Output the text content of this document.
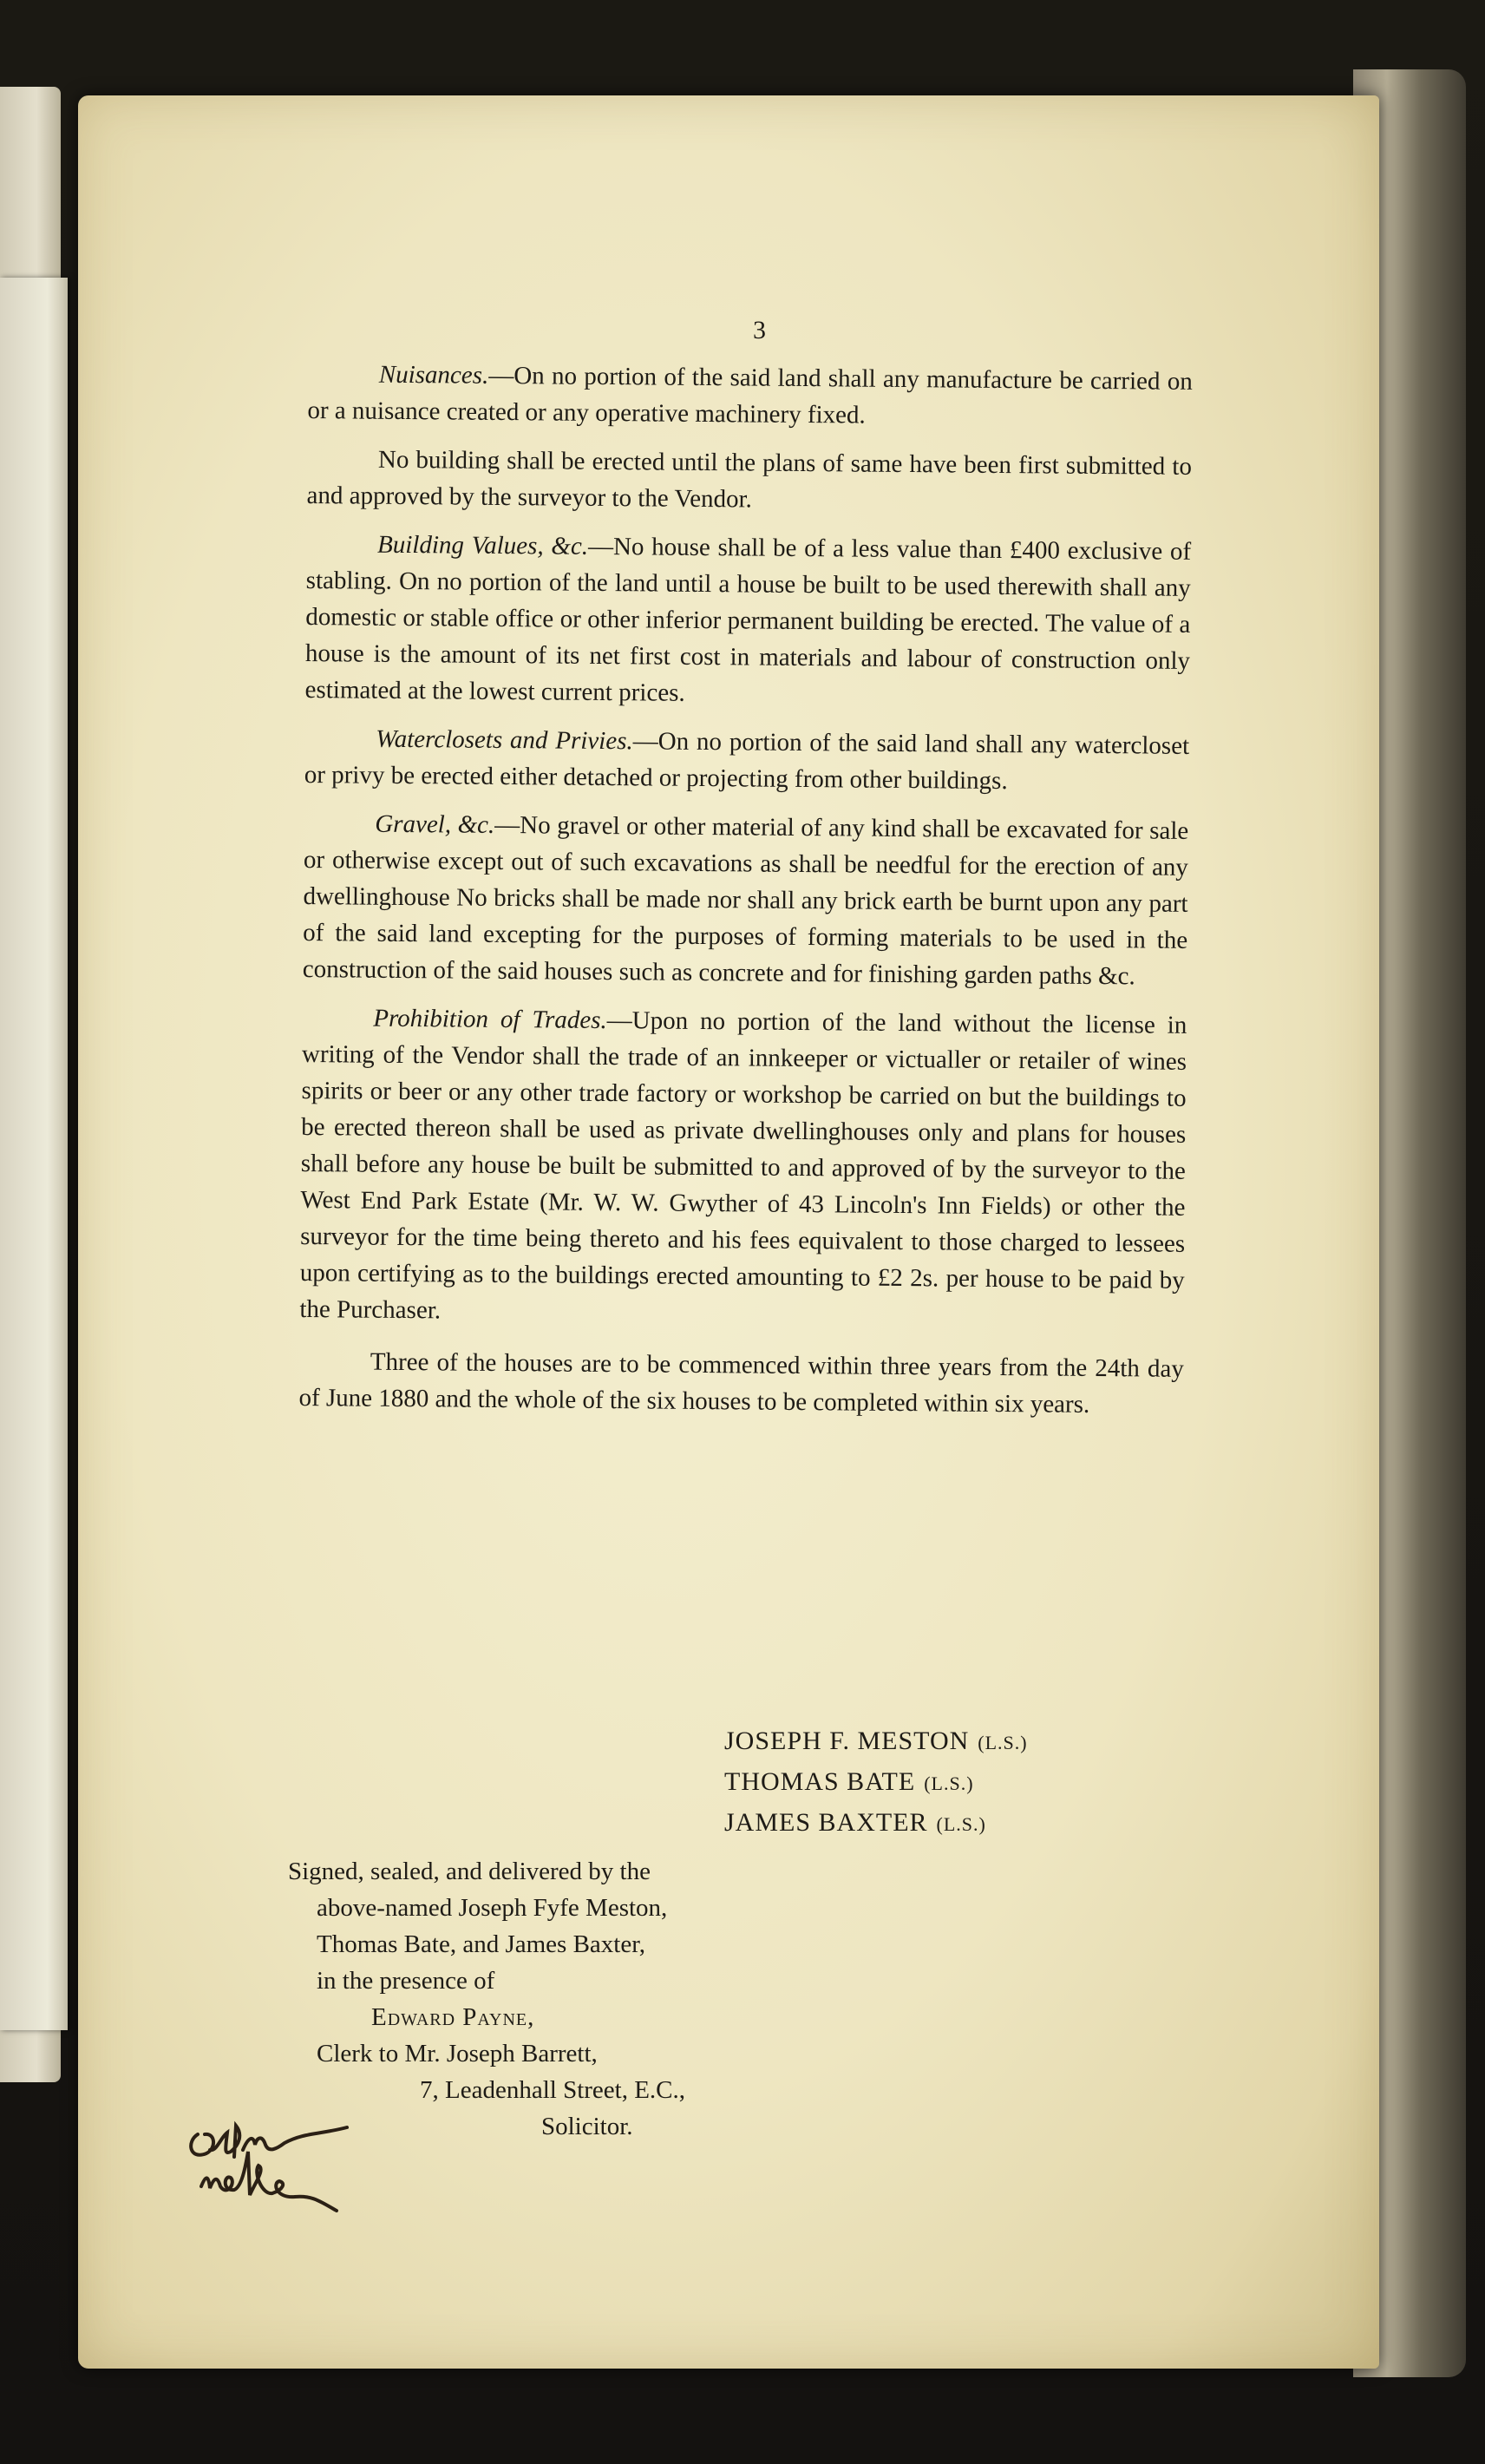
3

Nuisances.—On no portion of the said land shall any manufacture be carried on or a nuisance created or any operative machinery fixed.

No building shall be erected until the plans of same have been first submitted to and approved by the surveyor to the Vendor.

Building Values, &c.—No house shall be of a less value than £400 exclusive of stabling. On no portion of the land until a house be built to be used therewith shall any domestic or stable office or other inferior permanent building be erected. The value of a house is the amount of its net first cost in materials and labour of construction only estimated at the lowest current prices.

Waterclosets and Privies.—On no portion of the said land shall any watercloset or privy be erected either detached or projecting from other buildings.

Gravel, &c.—No gravel or other material of any kind shall be excavated for sale or otherwise except out of such excavations as shall be needful for the erection of any dwellinghouse No bricks shall be made nor shall any brick earth be burnt upon any part of the said land excepting for the purposes of forming materials to be used in the construction of the said houses such as concrete and for finishing garden paths &c.

Prohibition of Trades.—Upon no portion of the land without the license in writing of the Vendor shall the trade of an innkeeper or victualler or retailer of wines spirits or beer or any other trade factory or workshop be carried on but the buildings to be erected thereon shall be used as private dwellinghouses only and plans for houses shall before any house be built be submitted to and approved of by the surveyor to the West End Park Estate (Mr. W. W. Gwyther of 43 Lincoln's Inn Fields) or other the surveyor for the time being thereto and his fees equivalent to those charged to lessees upon certifying as to the buildings erected amounting to £2 2s. per house to be paid by the Purchaser.

Three of the houses are to be commenced within three years from the 24th day of June 1880 and the whole of the six houses to be completed within six years.

JOSEPH F. MESTON (L.S.)
THOMAS BATE (L.S.)
JAMES BAXTER (L.S.)
Signed, sealed, and delivered by the
above-named Joseph Fyfe Meston,
Thomas Bate, and James Baxter,
in the presence of
Edward Payne,
Clerk to Mr. Joseph Barrett,
7, Leadenhall Street, E.C.,
Solicitor.
